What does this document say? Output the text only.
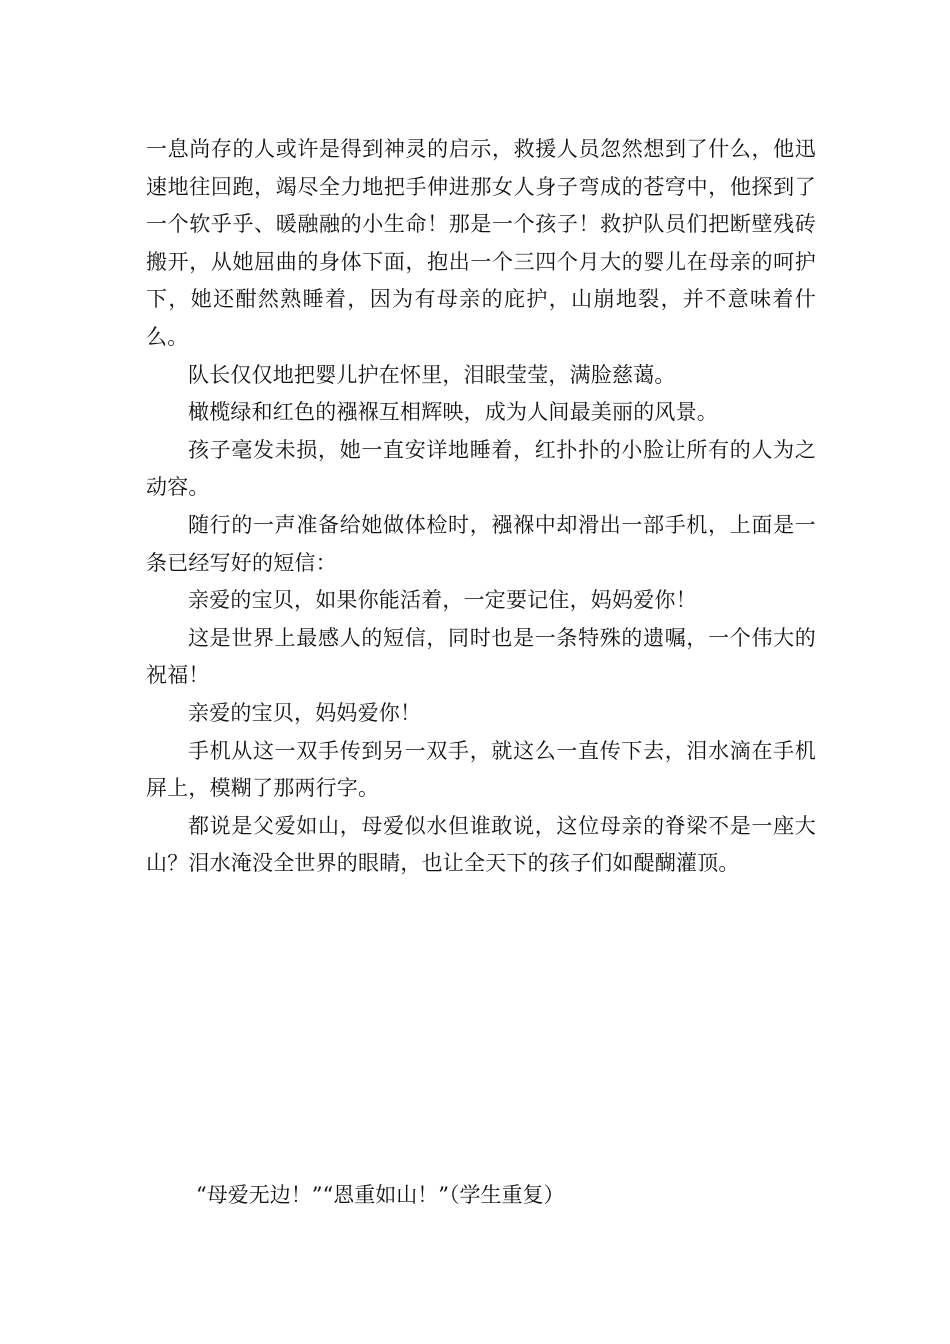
一息尚存的人或许是得到神灵的启示，救援人员忽然想到了什么，他迅速地往回跑，竭尽全力地把手伸进那女人身子弯成的苍穹中，他探到了一个软乎乎、暖融融的小生命！那是一个孩子！救护队员们把断壁残砖搬开，从她屈曲的身体下面，抱出一个三四个月大的婴儿在母亲的呵护下，她还酣然熟睡着，因为有母亲的庇护，山崩地裂，并不意味着什么。

队长仅仅地把婴儿护在怀里，泪眼莹莹，满脸慈蔼。

橄榄绿和红色的襁褓互相辉映，成为人间最美丽的风景。

孩子毫发未损，她一直安详地睡着，红扑扑的小脸让所有的人为之动容。

随行的一声准备给她做体检时，襁褓中却滑出一部手机，上面是一条已经写好的短信：

亲爱的宝贝，如果你能活着，一定要记住，妈妈爱你！

这是世界上最感人的短信，同时也是一条特殊的遗嘱，一个伟大的祝福！

亲爱的宝贝，妈妈爱你！

手机从这一双手传到另一双手，就这么一直传下去，泪水滴在手机屏上，模糊了那两行字。

都说是父爱如山，母爱似水但谁敢说，这位母亲的脊梁不是一座大山？泪水淹没全世界的眼睛，也让全天下的孩子们如醍醐灌顶。

“母爱无边！”“恩重如山！”（学生重复）
